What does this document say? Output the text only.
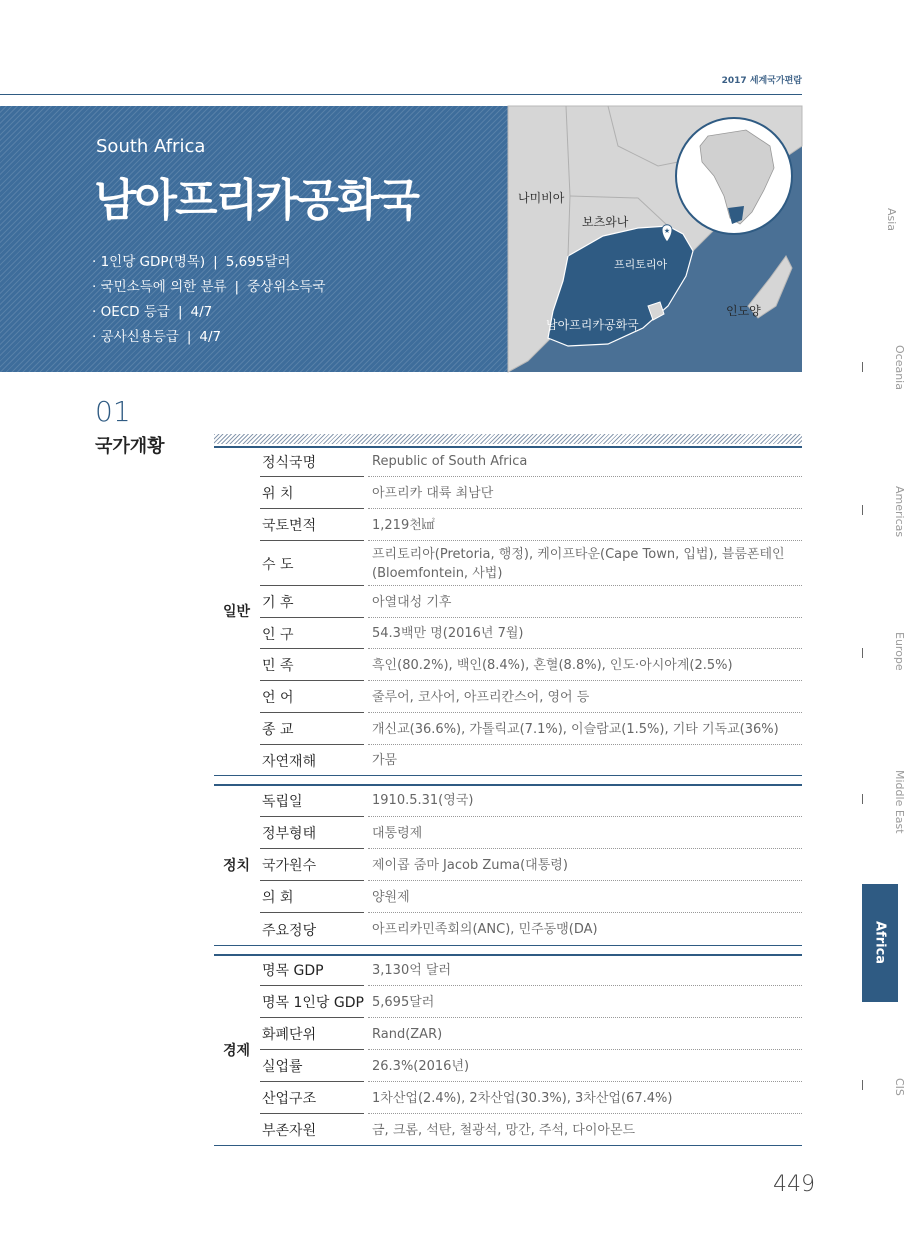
2017 세계국가편람
South Africa
남아프리카공화국
· 1인당 GDP(명목) | 5,695달러
· 국민소득에 의한 분류 | 중상위소득국
· OECD 등급 | 4/7
· 공사신용등급 | 4/7
★
나미비아
보츠와나
프리토리아
인도양
남아프리카공화국
01
국가개황
일반
정식국명	Republic of South Africa
위 치	아프리카 대륙 최남단
국토면적	1,219천㎢
수 도
프리토리아(Pretoria, 행정), 케이프타운(Cape Town, 입법), 블룸폰테인(Bloemfontein, 사법)
기 후	아열대성 기후
인 구	54.3백만 명(2016년 7월)
민 족	흑인(80.2%), 백인(8.4%), 혼혈(8.8%), 인도·아시아계(2.5%)
언 어	줄루어, 코사어, 아프리칸스어, 영어 등
종 교	개신교(36.6%), 가톨릭교(7.1%), 이슬람교(1.5%), 기타 기독교(36%)
자연재해	가뭄
정치
독립일	1910.5.31(영국)
정부형태	대통령제
국가원수	제이콥 줌마 Jacob Zuma(대통령)
의 회	양원제
주요정당	아프리카민족회의(ANC), 민주동맹(DA)
경제
명목 GDP	3,130억 달러
명목 1인당 GDP 5,695달러
화폐단위	Rand(ZAR)
실업률	26.3%(2016년)
산업구조	1차산업(2.4%), 2차산업(30.3%), 3차산업(67.4%)
부존자원	금, 크롬, 석탄, 철광석, 망간, 주석, 다이아몬드
Asia
Oceania
Americas
Europe
Middle East
Africa
CIS
449
